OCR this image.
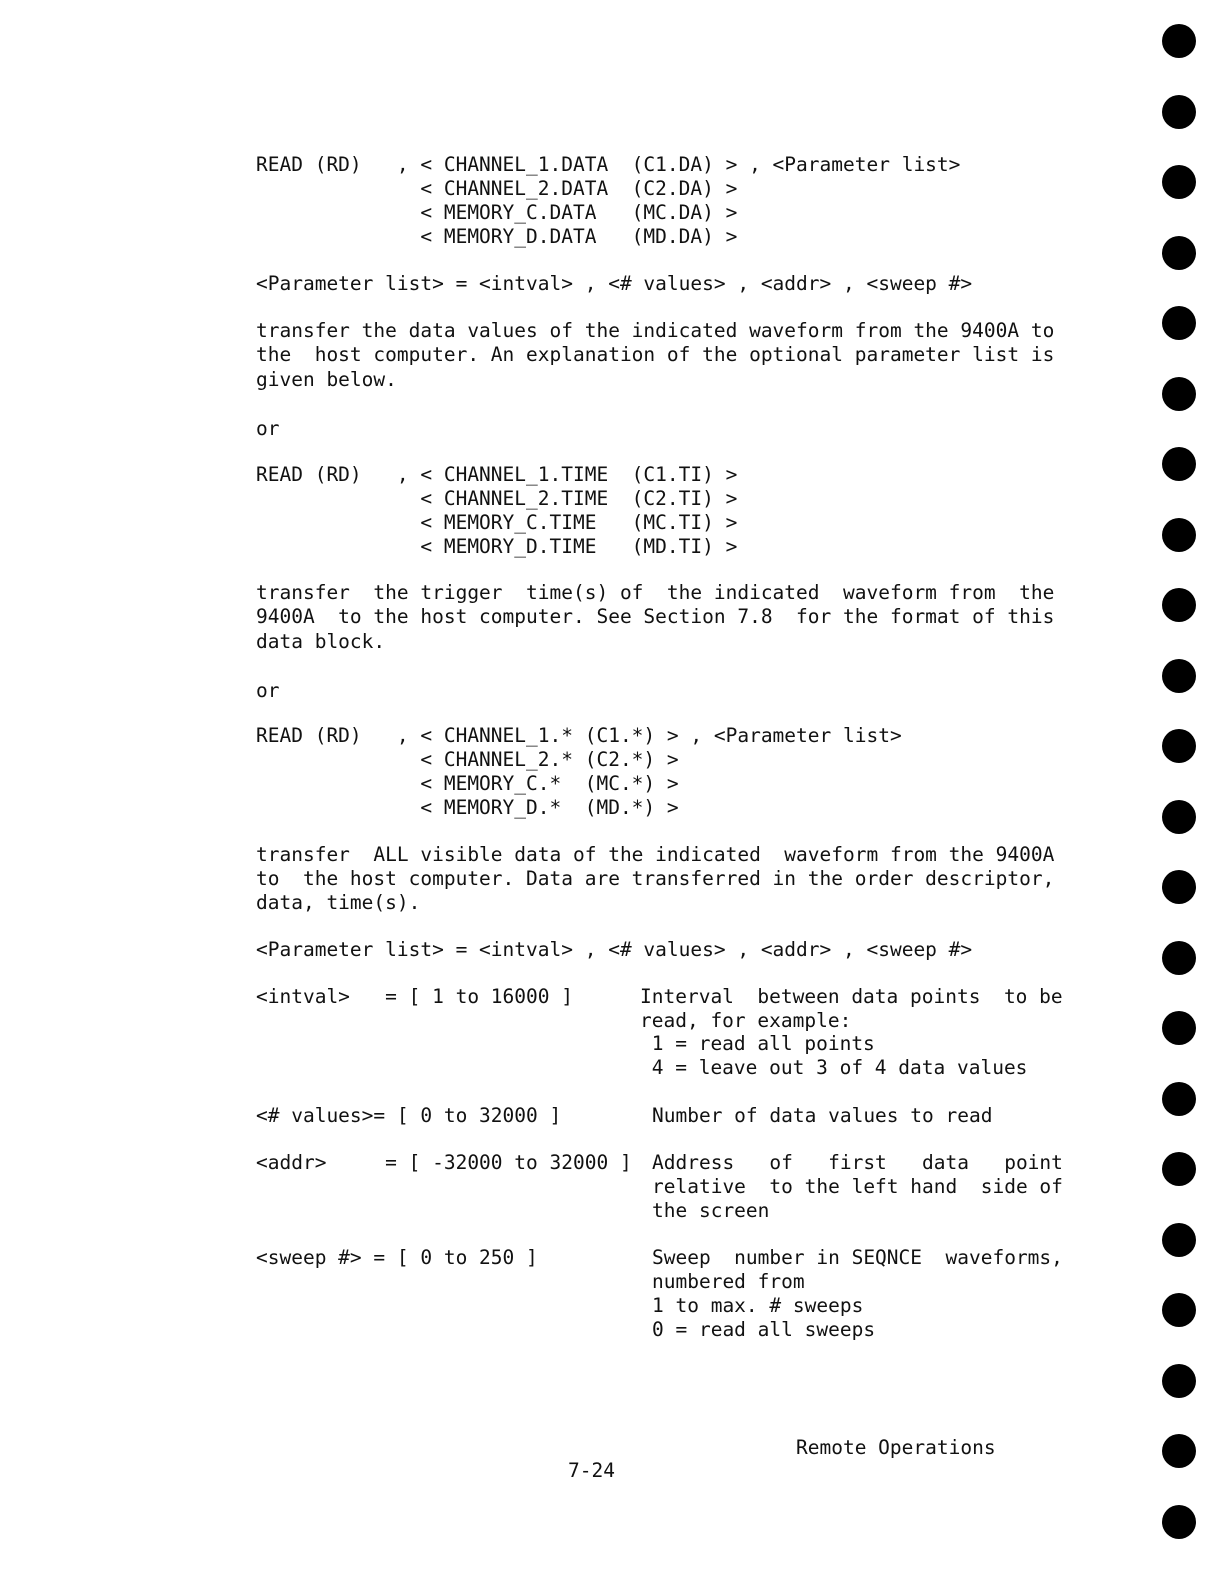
READ (RD)   , < CHANNEL_1.DATA  (C1.DA) > , <Parameter list>
< CHANNEL_2.DATA  (C2.DA) >
< MEMORY_C.DATA   (MC.DA) >
< MEMORY_D.DATA   (MD.DA) >
<Parameter list> = <intval> , <# values> , <addr> , <sweep #>
transfer the data values of the indicated waveform from the 9400A to
the  host computer. An explanation of the optional parameter list is
given below.
or
READ (RD)   , < CHANNEL_1.TIME  (C1.TI) >
< CHANNEL_2.TIME  (C2.TI) >
< MEMORY_C.TIME   (MC.TI) >
< MEMORY_D.TIME   (MD.TI) >
transfer  the trigger  time(s) of  the indicated  waveform from  the
9400A  to the host computer. See Section 7.8  for the format of this
data block.
or
READ (RD)   , < CHANNEL_1.* (C1.*) > , <Parameter list>
< CHANNEL_2.* (C2.*) >
< MEMORY_C.*  (MC.*) >
< MEMORY_D.*  (MD.*) >
transfer  ALL visible data of the indicated  waveform from the 9400A
to  the host computer. Data are transferred in the order descriptor,
data, time(s).
<Parameter list> = <intval> , <# values> , <addr> , <sweep #>
<intval>   = [ 1 to 16000 ]	Interval  between data points  to be
read, for example:
1 = read all points
4 = leave out 3 of 4 data values
<# values>= [ 0 to 32000 ]	Number of data values to read
<addr>     = [ -32000 to 32000 ] Address   of   first   data   point
relative  to the left hand  side of
the screen
<sweep #> = [ 0 to 250 ]	Sweep  number in SEQNCE  waveforms,
numbered from
1 to max. # sweeps
0 = read all sweeps
Remote Operations
7-24
